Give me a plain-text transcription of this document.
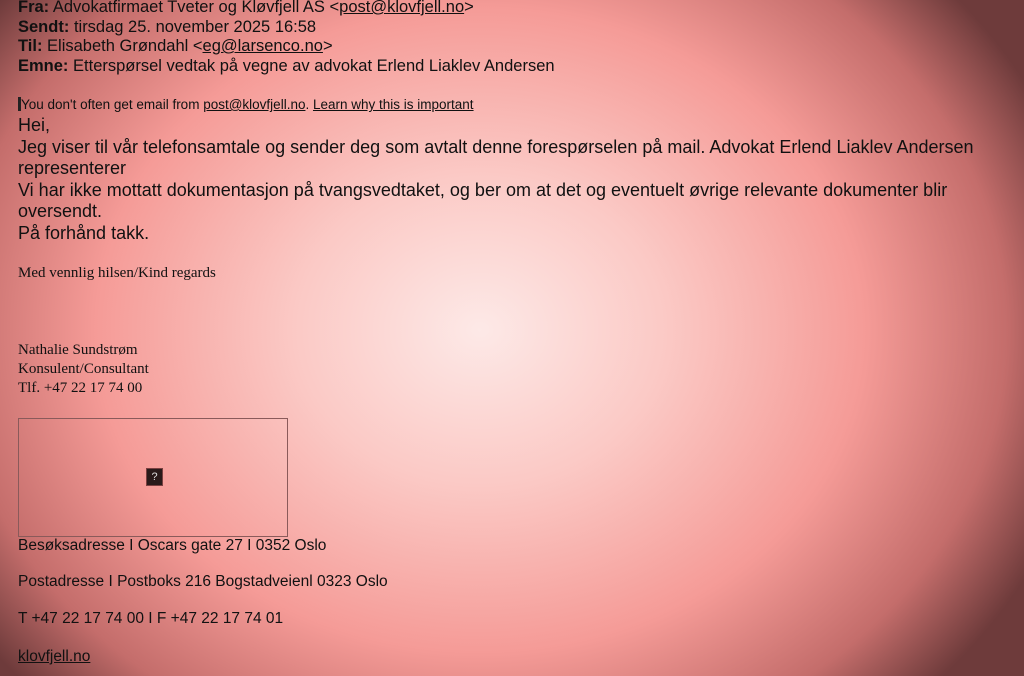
Fra: Advokatfirmaet Tveter og Kløvfjell AS <post@klovfjell.no>
Sendt: tirsdag 25. november 2025 16:58
Til: Elisabeth Grøndahl <eg@larsenco.no>
Emne: Etterspørsel vedtak på vegne av advokat Erlend Liaklev Andersen
You don't often get email from post@klovfjell.no. Learn why this is important
Hei,
Jeg viser til vår telefonsamtale og sender deg som avtalt denne forespørselen på mail. Advokat Erlend Liaklev Andersen representerer
Vi har ikke mottatt dokumentasjon på tvangsvedtaket, og ber om at det og eventuelt øvrige relevante dokumenter blir oversendt.
På forhånd takk.
Med vennlig hilsen/Kind regards
Nathalie Sundstrøm
Konsulent/Consultant
Tlf. +47 22 17 74 00
?
Besøksadresse I Oscars gate 27 I 0352 Oslo
Postadresse I Postboks 216 Bogstadveienl 0323 Oslo
T +47 22 17 74 00 I F +47 22 17 74 01
klovfjell.no
